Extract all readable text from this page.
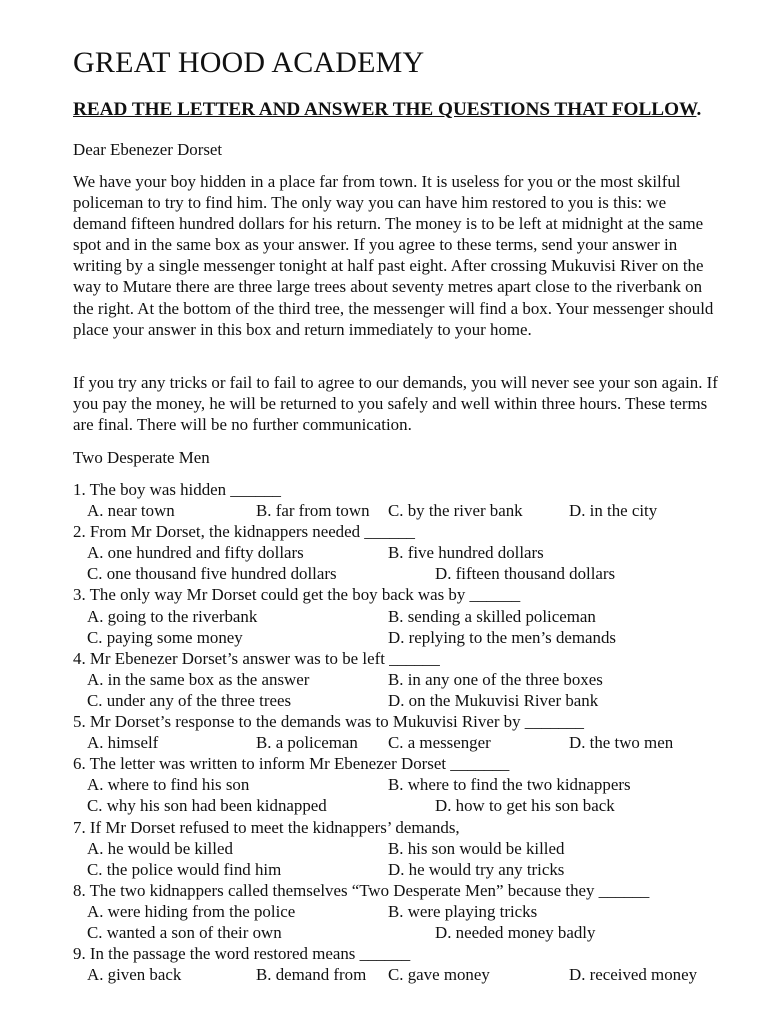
GREAT HOOD ACADEMY
READ THE LETTER AND ANSWER THE QUESTIONS THAT FOLLOW.
Dear Ebenezer Dorset

We have your boy hidden in a place far from town. It is useless for you or the most skilful policeman to try to find him. The only way you can have him restored to you is this: we demand fifteen hundred dollars for his return. The money is to be left at midnight at the same spot and in the same box as your answer. If you agree to these terms, send your answer in writing by a single messenger tonight at half past eight. After crossing Mukuvisi River on the way to Mutare there are three large trees about seventy metres apart close to the riverbank on the right. At the bottom of the third tree, the messenger will find a box. Your messenger should place your answer in this box and return immediately to your home.

If you try any tricks or fail to fail to agree to our demands, you will never see your son again. If you pay the money, he will be returned to you safely and well within three hours. These terms are final. There will be no further communication.

Two Desperate Men
1. The boy was hidden ______
A. near town	B. far from town C. by the river bank	D. in the city
2. From Mr Dorset, the kidnappers needed ______
A. one hundred and fifty dollars	B. five hundred dollars
C. one thousand five hundred dollars	D. fifteen thousand dollars
3. The only way Mr Dorset could get the boy back was by ______
A. going to the riverbank	B. sending a skilled policeman
C. paying some money	D. replying to the men’s demands
4. Mr Ebenezer Dorset’s answer was to be left ______
A. in the same box as the answer	B. in any one of the three boxes
C. under any of the three trees	D. on the Mukuvisi River bank
5. Mr Dorset’s response to the demands was to Mukuvisi River by _______
A. himself	B. a policeman C. a messenger	D. the two men
6. The letter was written to inform Mr Ebenezer Dorset _______
A. where to find his son	B. where to find the two kidnappers
C. why his son had been kidnapped	D. how to get his son back
7. If Mr Dorset refused to meet the kidnappers’ demands,
A. he would be killed	B. his son would be killed
C. the police would find him	D. he would try any tricks
8. The two kidnappers called themselves “Two Desperate Men” because they ______
A. were hiding from the police	B. were playing tricks
C. wanted a son of their own	D. needed money badly
9. In the passage the word restored means ______
A. given back	B. demand from C. gave money	D. received money
